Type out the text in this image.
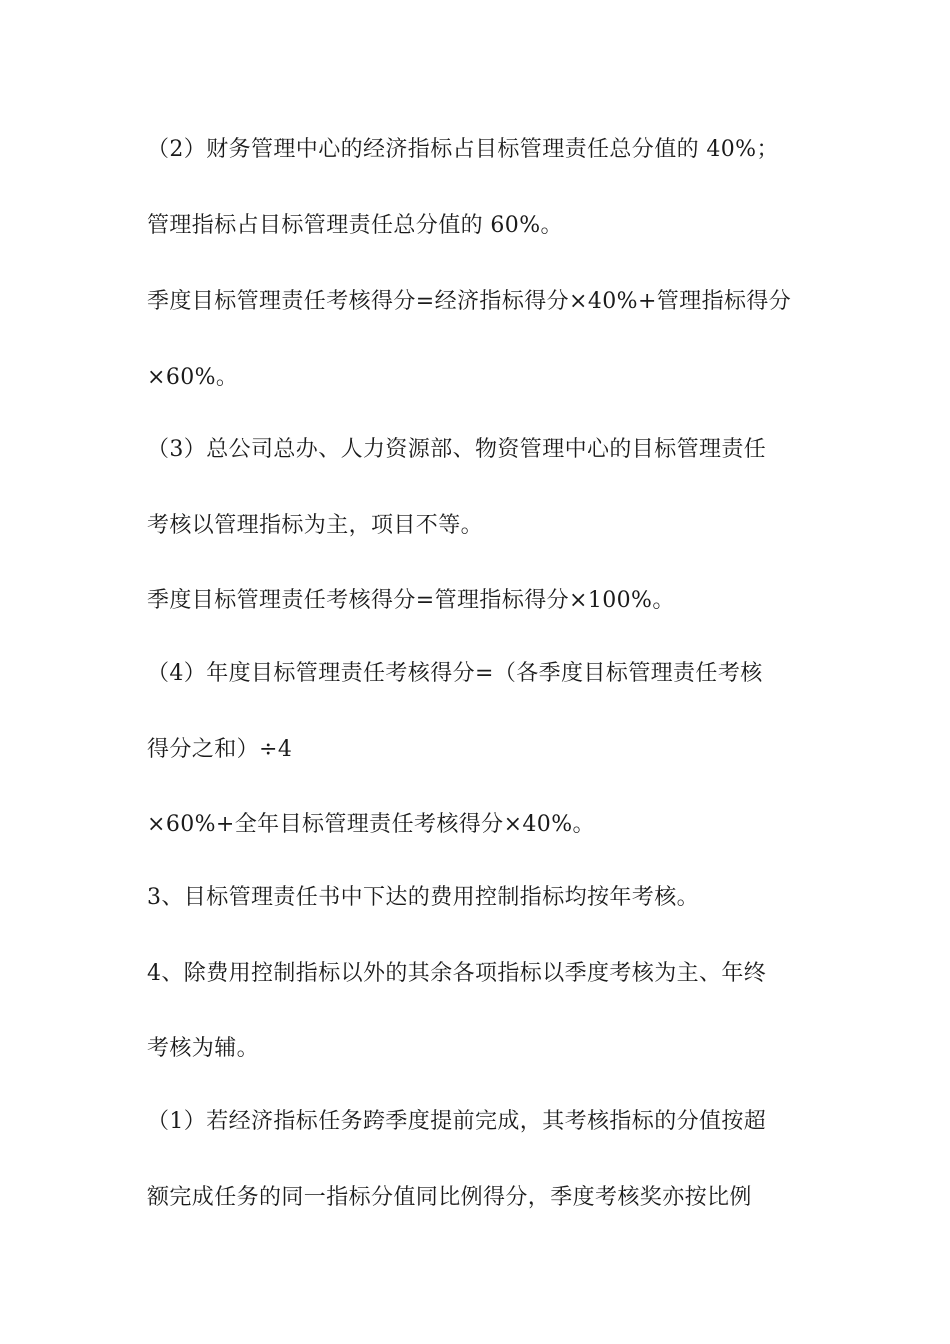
（2）财务管理中心的经济指标占目标管理责任总分值的 40%；
管理指标占目标管理责任总分值的 60%。
季度目标管理责任考核得分=经济指标得分×40%+管理指标得分
×60%。
（3）总公司总办、人力资源部、物资管理中心的目标管理责任
考核以管理指标为主，项目不等。
季度目标管理责任考核得分=管理指标得分×100%。
（4）年度目标管理责任考核得分=（各季度目标管理责任考核
得分之和）÷4
×60%+全年目标管理责任考核得分×40%。
3、目标管理责任书中下达的费用控制指标均按年考核。
4、除费用控制指标以外的其余各项指标以季度考核为主、年终
考核为辅。
（1）若经济指标任务跨季度提前完成，其考核指标的分值按超
额完成任务的同一指标分值同比例得分，季度考核奖亦按比例
